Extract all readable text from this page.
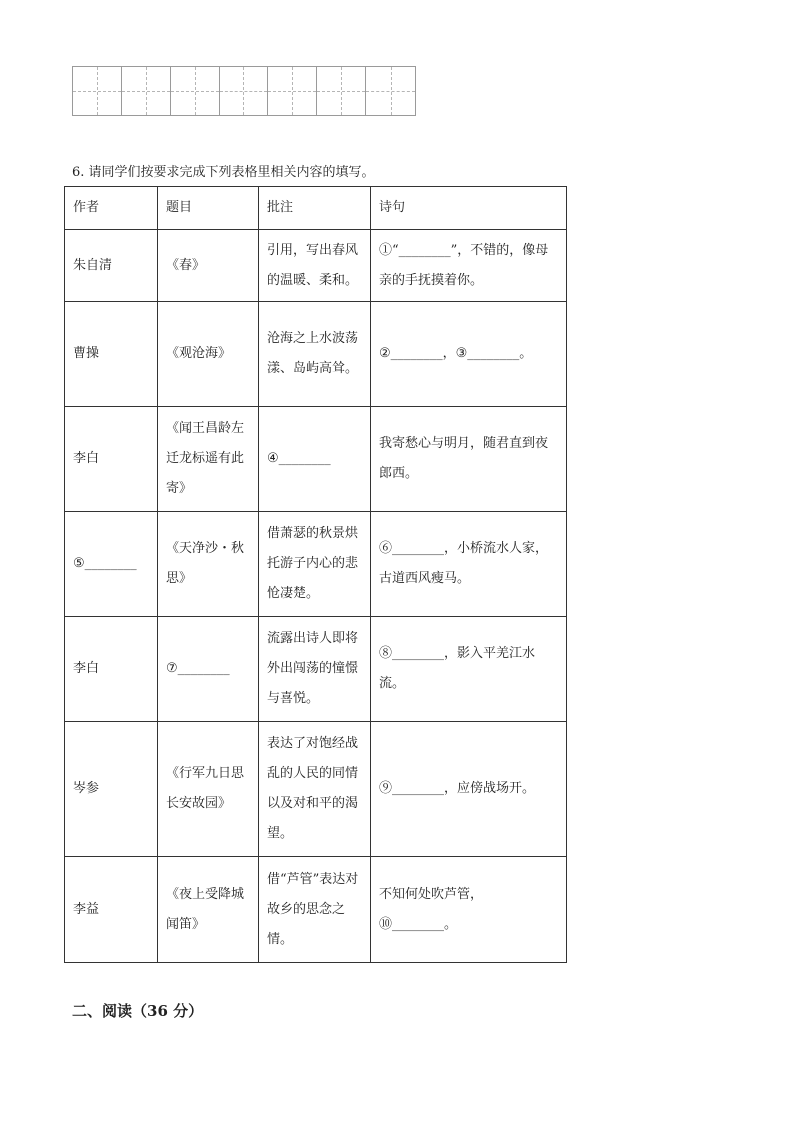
6. 请同学们按要求完成下列表格里相关内容的填写。
作者	题目	批注	诗句
朱自清	《春》	引用，写出春风的温暖、柔和。	①“________”，不错的，像母亲的手抚摸着你。
曹操	《观沧海》	沧海之上水波荡漾、岛屿高耸。	②________，③________。
李白	《闻王昌龄左迁龙标遥有此寄》	④________	我寄愁心与明月，随君直到夜郎西。
⑤________	《天净沙・秋思》	借萧瑟的秋景烘托游子内心的悲怆凄楚。	⑥________，小桥流水人家，古道西风瘦马。
李白	⑦________	流露出诗人即将外出闯荡的憧憬与喜悦。	⑧________，影入平羌江水流。
岑参	《行军九日思长安故园》	表达了对饱经战乱的人民的同情以及对和平的渴望。	⑨________，应傍战场开。
李益	《夜上受降城闻笛》	借“芦管”表达对故乡的思念之情。	不知何处吹芦管，⑩________。
二、阅读（36 分）
